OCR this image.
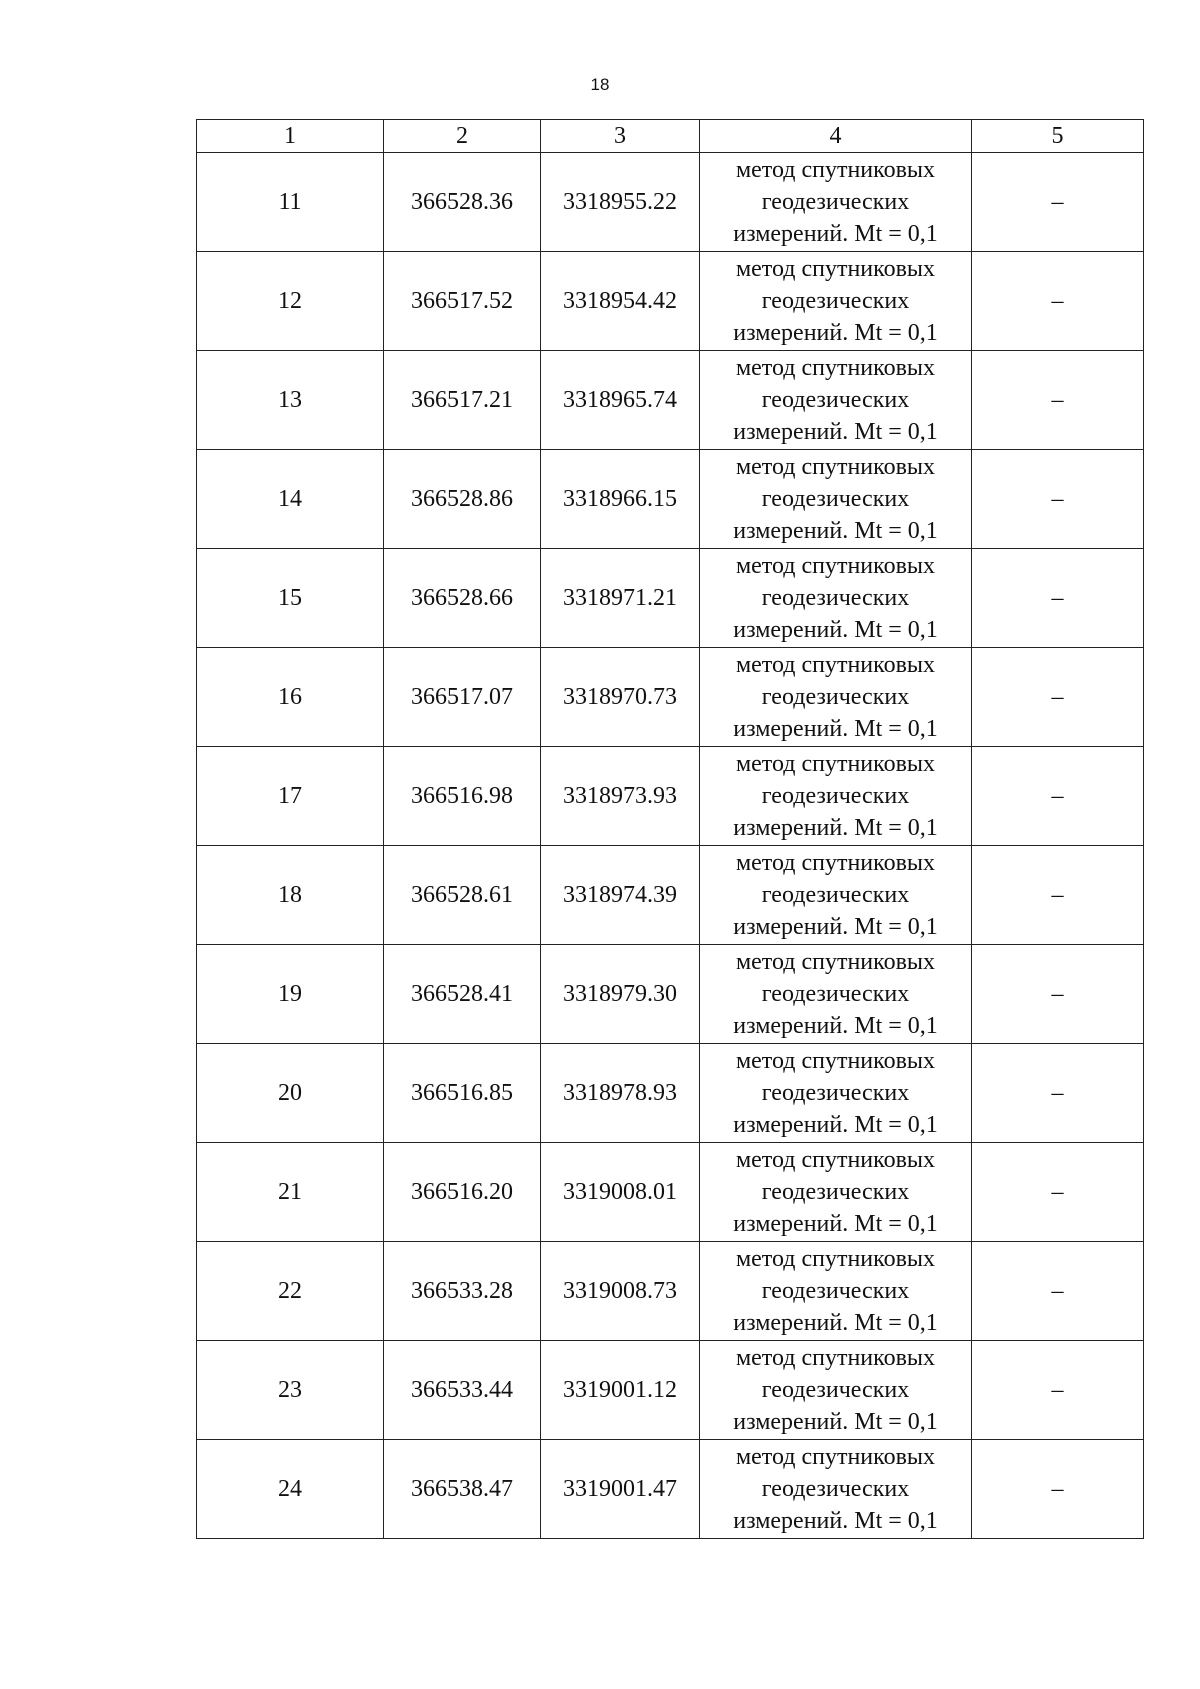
18
1	2	3	4	5
11	366528.36	3318955.22	метод спутниковых геодезических измерений. Mt = 0,1	–
12	366517.52	3318954.42	метод спутниковых геодезических измерений. Mt = 0,1	–
13	366517.21	3318965.74	метод спутниковых геодезических измерений. Mt = 0,1	–
14	366528.86	3318966.15	метод спутниковых геодезических измерений. Mt = 0,1	–
15	366528.66	3318971.21	метод спутниковых геодезических измерений. Mt = 0,1	–
16	366517.07	3318970.73	метод спутниковых геодезических измерений. Mt = 0,1	–
17	366516.98	3318973.93	метод спутниковых геодезических измерений. Mt = 0,1	–
18	366528.61	3318974.39	метод спутниковых геодезических измерений. Mt = 0,1	–
19	366528.41	3318979.30	метод спутниковых геодезических измерений. Mt = 0,1	–
20	366516.85	3318978.93	метод спутниковых геодезических измерений. Mt = 0,1	–
21	366516.20	3319008.01	метод спутниковых геодезических измерений. Mt = 0,1	–
22	366533.28	3319008.73	метод спутниковых геодезических измерений. Mt = 0,1	–
23	366533.44	3319001.12	метод спутниковых геодезических измерений. Mt = 0,1	–
24	366538.47	3319001.47	метод спутниковых геодезических измерений. Mt = 0,1	–
